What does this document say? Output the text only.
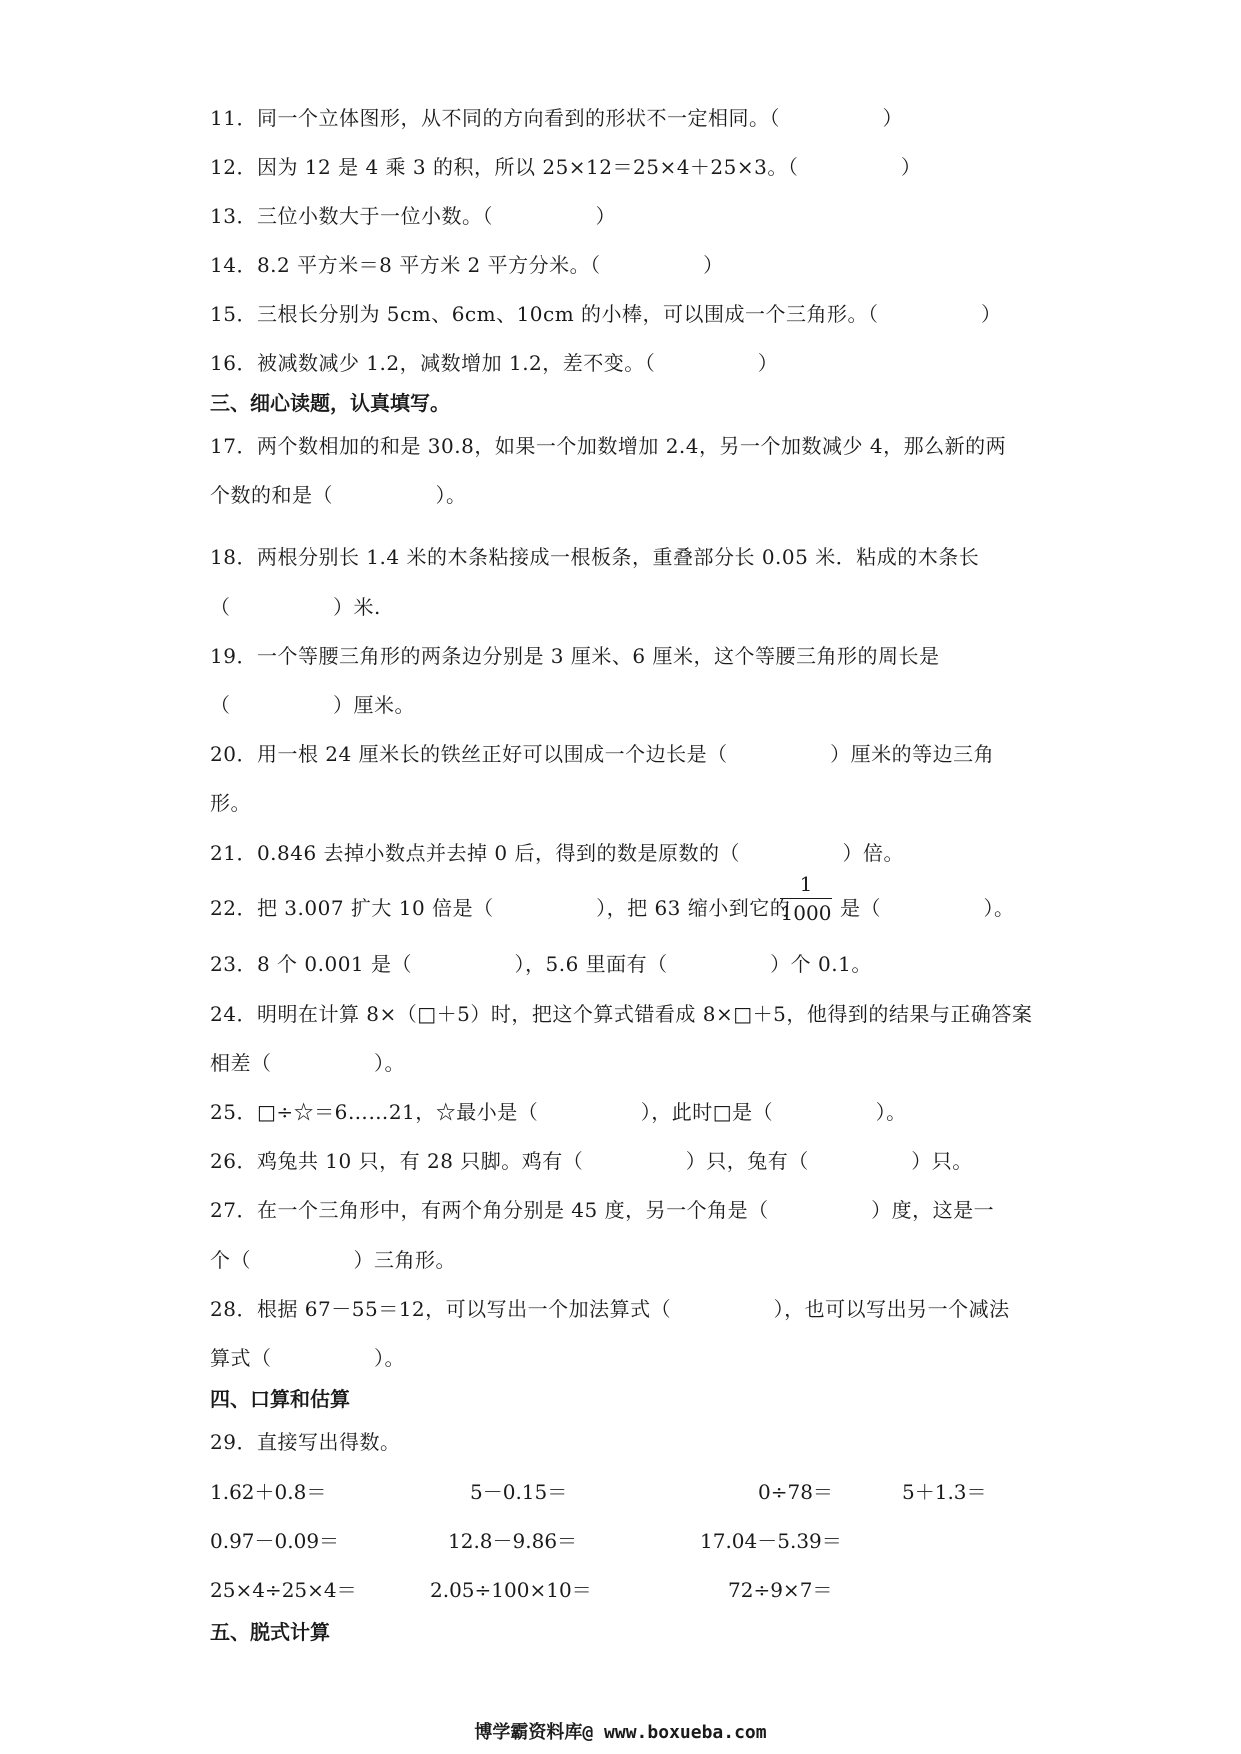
11．同一个立体图形，从不同的方向看到的形状不一定相同。（　　　　　）
12．因为 12 是 4 乘 3 的积，所以 25×12＝25×4＋25×3。（　　　　　）
13．三位小数大于一位小数。（　　　　　）
14．8.2 平方米＝8 平方米 2 平方分米。（　　　　　）
15．三根长分别为 5cm、6cm、10cm 的小棒，可以围成一个三角形。（　　　　　）
16．被减数减少 1.2，减数增加 1.2，差不变。（　　　　　）
三、细心读题，认真填写。
17．两个数相加的和是 30.8，如果一个加数增加 2.4，另一个加数减少 4，那么新的两
个数的和是（　　　　　）。
18．两根分别长 1.4 米的木条粘接成一根板条，重叠部分长 0.05 米．粘成的木条长
（　　　　　）米.
19．一个等腰三角形的两条边分别是 3 厘米、6 厘米，这个等腰三角形的周长是
（　　　　　）厘米。
20．用一根 24 厘米长的铁丝正好可以围成一个边长是（　　　　　）厘米的等边三角
形。
21．0.846 去掉小数点并去掉 0 后，得到的数是原数的（　　　　　）倍。
22．把 3.007 扩大 10 倍是（　　　　　），把 63 缩小到它的
1
1000 是（　　　　　）。
23．8 个 0.001 是（　　　　　），5.6 里面有（　　　　　）个 0.1。
24．明明在计算 8×（□＋5）时，把这个算式错看成 8×□＋5，他得到的结果与正确答案
相差（　　　　　）。
25．□÷☆＝6……21，☆最小是（　　　　　），此时□是（　　　　　）。
26．鸡兔共 10 只，有 28 只脚。鸡有（　　　　　）只，兔有（　　　　　）只。
27．在一个三角形中，有两个角分别是 45 度，另一个角是（　　　　　）度，这是一
个（　　　　　）三角形。
28．根据 67－55＝12，可以写出一个加法算式（　　　　　），也可以写出另一个减法
算式（　　　　　）。
四、口算和估算
29．直接写出得数。
1.62＋0.8＝	5－0.15＝	0÷78＝	5＋1.3＝
0.97－0.09＝	12.8－9.86＝	17.04－5.39＝
25×4÷25×4＝	2.05÷100×10＝	72÷9×7＝
五、脱式计算
博学霸资料库@ www.boxueba.com
